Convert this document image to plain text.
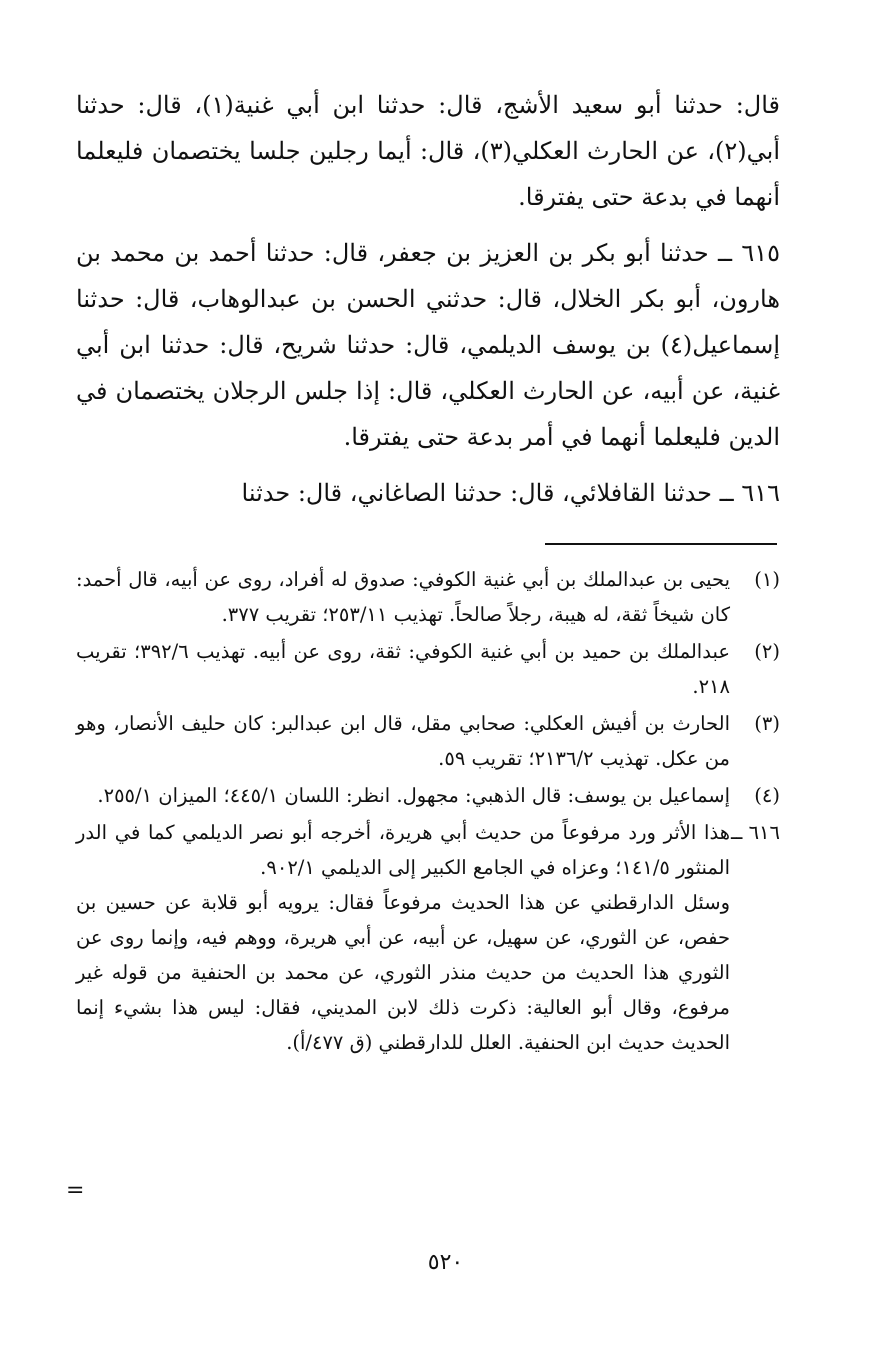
قال: حدثنا أبو سعيد الأشج، قال: حدثنا ابن أبي غنية(١)، قال: حدثنا أبي(٢)، عن الحارث العكلي(٣)، قال: أيما رجلين جلسا يختصمان فليعلما أنهما في بدعة حتى يفترقا.

٦١٥ ــ حدثنا أبو بكر بن العزيز بن جعفر، قال: حدثنا أحمد بن محمد بن هارون، أبو بكر الخلال، قال: حدثني الحسن بن عبدالوهاب، قال: حدثنا إسماعيل(٤) بن يوسف الديلمي، قال: حدثنا شريح، قال: حدثنا ابن أبي غنية، عن أبيه، عن الحارث العكلي، قال: إذا جلس الرجلان يختصمان في الدين فليعلما أنهما في أمر بدعة حتى يفترقا.

٦١٦ ــ حدثنا القافلائي، قال: حدثنا الصاغاني، قال: حدثنا

(١)

يحيى بن عبدالملك بن أبي غنية الكوفي: صدوق له أفراد، روى عن أبيه، قال أحمد: كان شيخاً ثقة، له هيبة، رجلاً صالحاً. تهذيب ٢٥٣/١١؛ تقريب ٣٧٧.

(٢)

عبدالملك بن حميد بن أبي غنية الكوفي: ثقة، روى عن أبيه. تهذيب ٣٩٢/٦؛ تقريب ٢١٨.

(٣)

الحارث بن أفيش العكلي: صحابي مقل، قال ابن عبدالبر: كان حليف الأنصار، وهو من عكل. تهذيب ٢١٣٦/٢؛ تقريب ٥٩.

(٤)

إسماعيل بن يوسف: قال الذهبي: مجهول. انظر: اللسان ٤٤٥/١؛ الميزان ٢٥٥/١.

٦١٦ ــ

هذا الأثر ورد مرفوعاً من حديث أبي هريرة، أخرجه أبو نصر الديلمي كما في الدر المنثور ١٤١/٥؛ وعزاه في الجامع الكبير إلى الديلمي ٩٠٢/١.

وسئل الدارقطني عن هذا الحديث مرفوعاً فقال: يرويه أبو قلابة عن حسين بن حفص، عن الثوري، عن سهيل، عن أبيه، عن أبي هريرة، ووهم فيه، وإنما روى عن الثوري هذا الحديث من حديث منذر الثوري، عن محمد بن الحنفية من قوله غير مرفوع، وقال أبو العالية: ذكرت ذلك لابن المديني، فقال: ليس هذا بشيء إنما الحديث حديث ابن الحنفية. العلل للدارقطني (ق ٤٧٧/أ).

=
٥٢٠
